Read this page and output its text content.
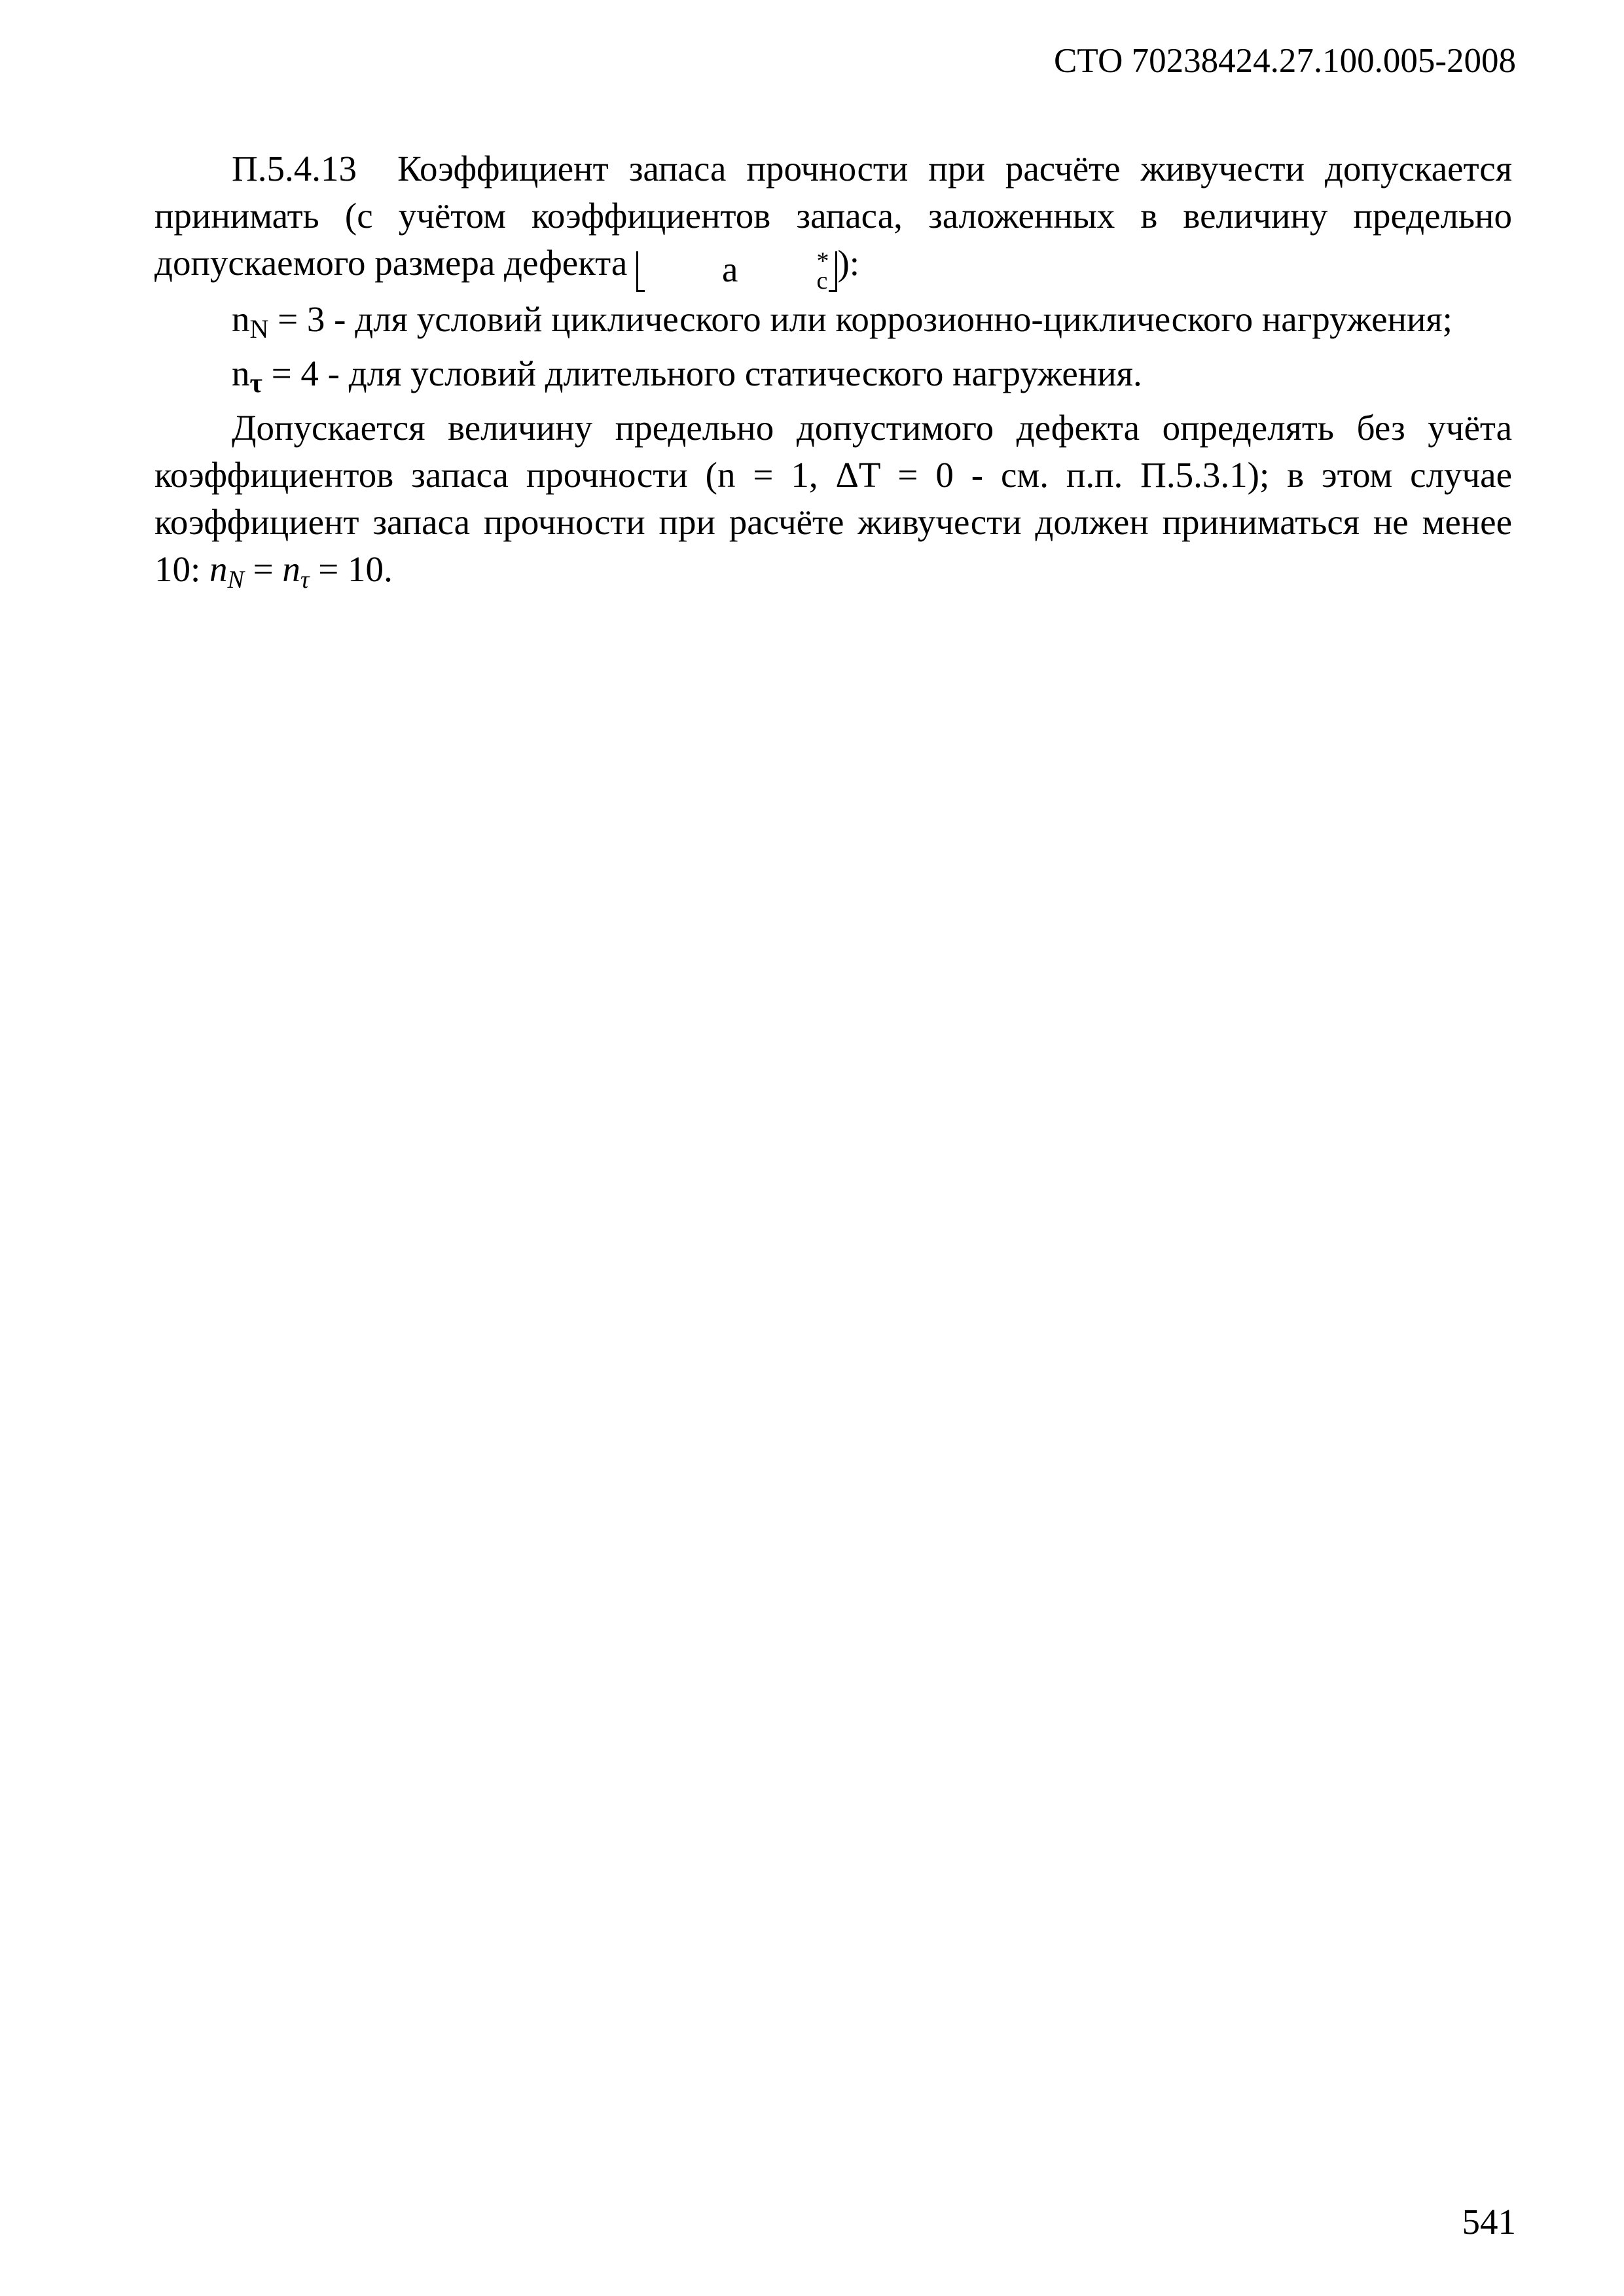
СТО 70238424.27.100.005-2008

П.5.4.13 Коэффициент запаса прочности при расчёте живучести допускается принимать (с учётом коэффициентов запаса, заложенных в величину предельно допускаемого размера дефекта	a	*
c ):

nN = 3 - для условий циклического или коррозионно-циклического нагружения;

nτ = 4 - для условий длительного статического нагружения.

Допускается величину предельно допустимого дефекта определять без учёта коэффициентов запаса прочности (n = 1, ΔT = 0 - см. п.п. П.5.3.1); в этом случае коэффициент запаса прочности при расчёте живучести должен приниматься не менее 10: nN = nτ = 10.

541
